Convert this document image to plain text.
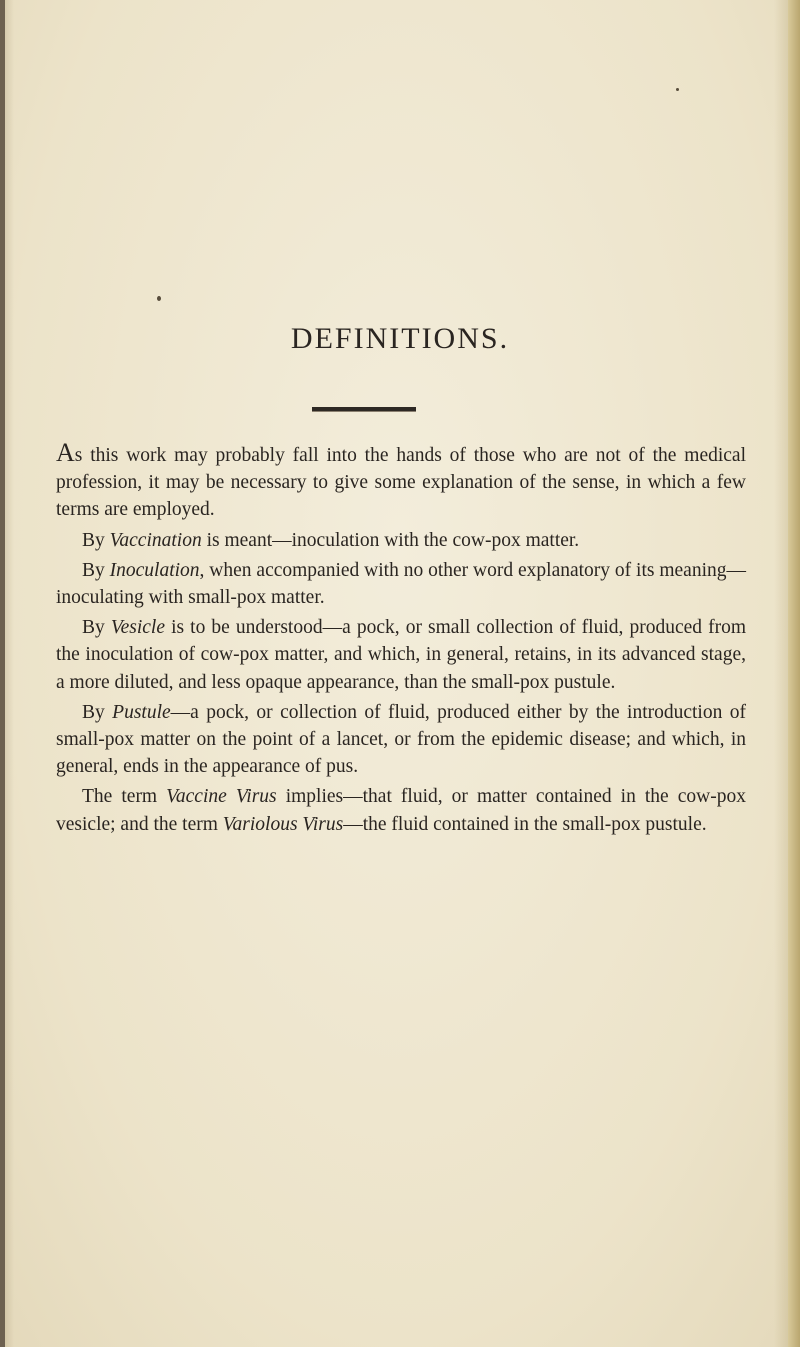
DEFINITIONS.

As this work may probably fall into the hands of those who are not of the medical profession, it may be necessary to give some explanation of the sense, in which a few terms are employed.

By Vaccination is meant—inoculation with the cow-pox matter.

By Inoculation, when accompanied with no other word explanatory of its meaning—inoculating with small-pox matter.

By Vesicle is to be understood—a pock, or small collection of fluid, produced from the inoculation of cow-pox matter, and which, in general, retains, in its advanced stage, a more diluted, and less opaque appearance, than the small-pox pustule.

By Pustule—a pock, or collection of fluid, produced either by the introduction of small-pox matter on the point of a lancet, or from the epidemic disease; and which, in general, ends in the appearance of pus.

The term Vaccine Virus implies—that fluid, or matter contained in the cow-pox vesicle; and the term Variolous Virus—the fluid contained in the small-pox pustule.
